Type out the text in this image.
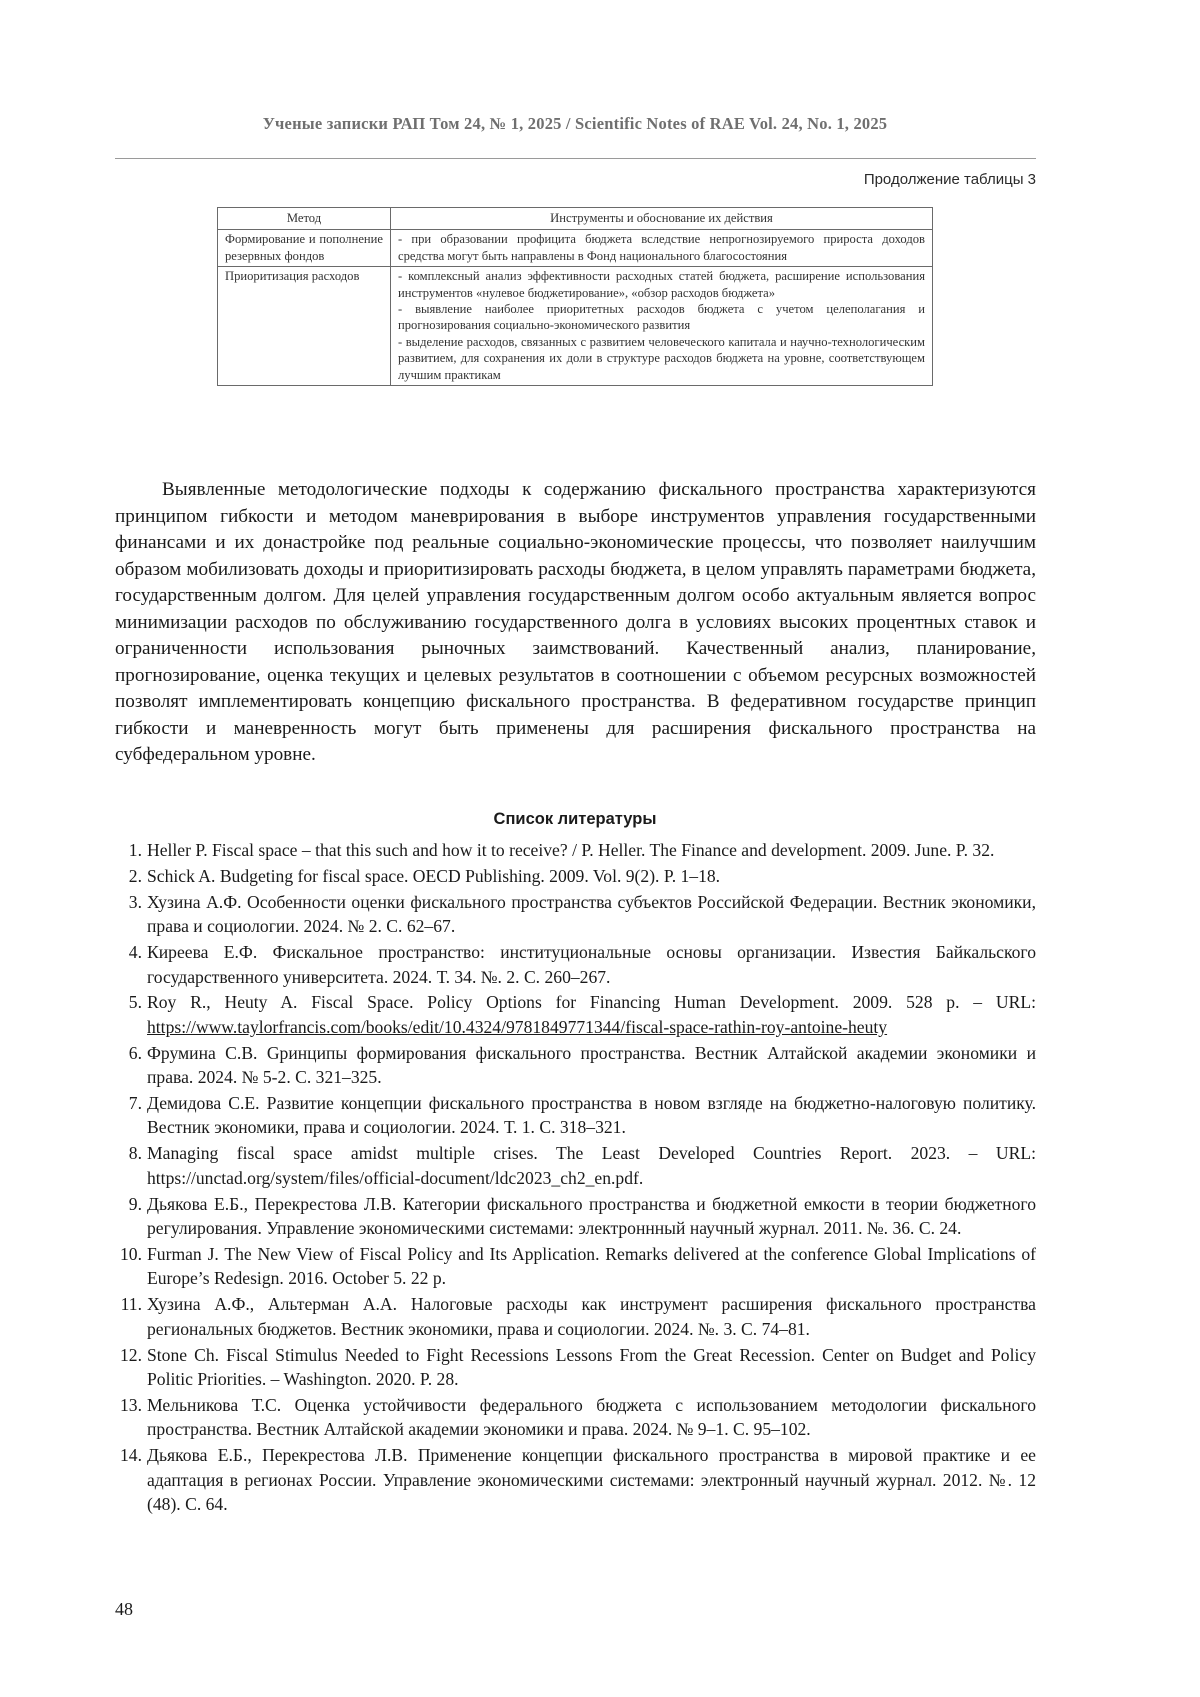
Ученые записки РАП Том 24, № 1, 2025 / Scientific Notes of RAE Vol. 24, No. 1, 2025
Продолжение таблицы 3
Метод	Инструменты и обоснование их действия
Формирование и пополнение резервных фондов	- при образовании профицита бюджета вследствие непрогнозируемого прироста доходов средства могут быть направлены в Фонд национального благосостояния

Приоритизация расходов	- комплексный анализ эффективности расходных статей бюджета, расширение использования инструментов «нулевое бюджетирование», «обзор расходов бюджета»

- выявление наиболее приоритетных расходов бюджета с учетом целеполагания и прогнозирования социально-экономического развития

- выделение расходов, связанных с развитием человеческого капитала и научно-технологическим развитием, для сохранения их доли в структуре расходов бюджета на уровне, соответствующем лучшим практикам

Выявленные методологические подходы к содержанию фискального пространства характеризуются принципом гибкости и методом маневрирования в выборе инструментов управления государственными финансами и их донастройке под реальные социально-экономические процессы, что позволяет наилучшим образом мобилизовать доходы и приоритизировать расходы бюджета, в целом управлять параметрами бюджета, государственным долгом. Для целей управления государственным долгом особо актуальным является вопрос минимизации расходов по обслуживанию государственного долга в условиях высоких процентных ставок и ограниченности использования рыночных заимствований. Качественный анализ, планирование, прогнозирование, оценка текущих и целевых результатов в соотношении с объемом ресурсных возможностей позволят имплементировать концепцию фискального пространства. В федеративном государстве принцип гибкости и маневренность могут быть применены для расширения фискального пространства на субфедеральном уровне.

Список литературы
1. Heller P. Fiscal space – that this such and how it to receive? / P. Heller. The Finance and development. 2009. June. P. 32.
2. Schick A. Budgeting for fiscal space. OECD Publishing. 2009. Vol. 9(2). P. 1–18.
3. Хузина А.Ф. Особенности оценки фискального пространства субъектов Российской Федерации. Вестник экономики, права и социологии. 2024. № 2. С. 62–67.
4. Киреева Е.Ф. Фискальное пространство: институциональные основы организации. Известия Байкальского государственного университета. 2024. Т. 34. №. 2. С. 260–267.
5. Roy R., Heuty A. Fiscal Space. Policy Options for Financing Human Development. 2009. 528 p. – URL: https://www.taylorfrancis.com/books/edit/10.4324/9781849771344/fiscal-space-rathin-roy-antoine-heuty
6. Фрумина С.В. Gринципы формирования фискального пространства. Вестник Алтайской академии экономики и права. 2024. № 5-2. С. 321–325.
7. Демидова С.Е. Развитие концепции фискального пространства в новом взгляде на бюджетно-налоговую политику. Вестник экономики, права и социологии. 2024. Т. 1. С. 318–321.
8. Managing fiscal space amidst multiple crises. The Least Developed Countries Report. 2023. – URL: https://unctad.org/system/files/official-document/ldc2023_ch2_en.pdf.
9. Дьякова Е.Б., Перекрестова Л.В. Категории фискального пространства и бюджетной емкости в теории бюджетного регулирования. Управление экономическими системами: электроннный научный журнал. 2011. №. 36. С. 24.
10. Furman J. The New View of Fiscal Policy and Its Application. Remarks delivered at the conference Global Implications of Europe’s Redesign. 2016. October 5. 22 p.
11. Хузина А.Ф., Альтерман А.А. Налоговые расходы как инструмент расширения фискального пространства региональных бюджетов. Вестник экономики, права и социологии. 2024. №. 3. С. 74–81.
12. Stone Ch. Fiscal Stimulus Needed to Fight Recessions Lessons From the Great Recession. Center on Budget and Policy Politic Priorities. – Washington. 2020. P. 28.
13. Мельникова Т.С. Оценка устойчивости федерального бюджета с использованием методологии фискального пространства. Вестник Алтайской академии экономики и права. 2024. № 9–1. С. 95–102.
14. Дьякова Е.Б., Перекрестова Л.В. Применение концепции фискального пространства в мировой практике и ее адаптация в регионах России. Управление экономическими системами: электронный научный журнал. 2012. №. 12 (48). С. 64.
48
